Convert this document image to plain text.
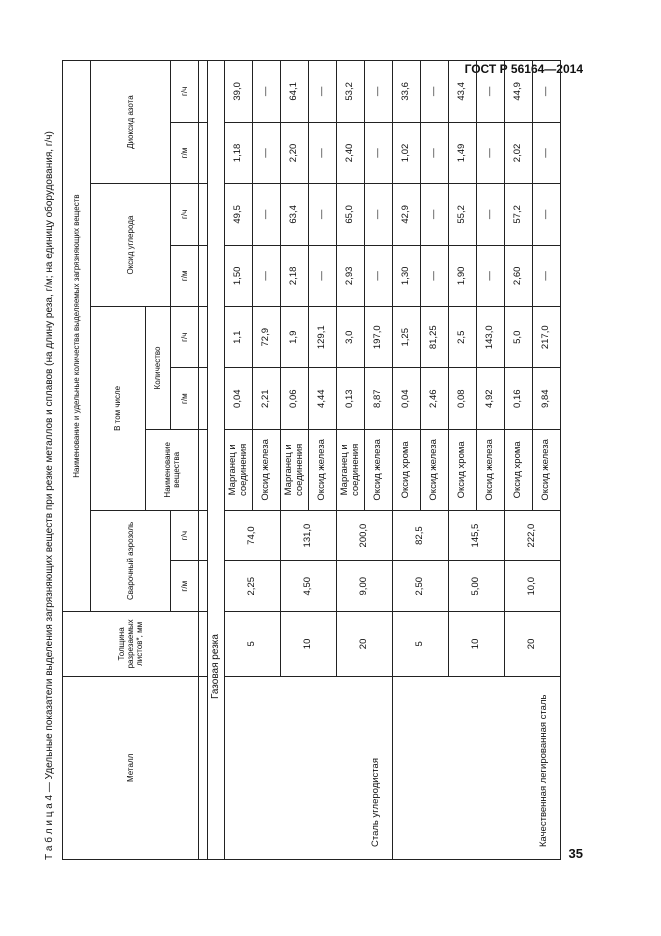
ГОСТ Р 56164—2014
Т а б л и ц а 4 — Удельные показатели выделения загрязняющих веществ при резке металлов и сплавов (на длину реза, г/м; на единицу оборудования, г/ч)	Металл	Толщина разрезаемых листов*, мм	Наименование и удельные количества выделяемых загрязняющих веществ								
		Сварочный аэрозоль		В том числе			Оксид углерода		Диоксид азота	
				Наименование вещества	Количество					
		г/м	г/ч		г/м	г/ч	г/м	г/ч	г/м	г/ч

Газовая резка										
Сталь углеродистая	5	2,25	74,0	Марганец и соединения	0,04	1,1	1,50	49,5	1,18	39,0
				Оксид железа	2,21	72,9	—	—	—	—
	10	4,50	131,0	Марганец и соединения	0,06	1,9	2,18	63,4	2,20	64,1
				Оксид железа	4,44	129,1	—	—	—	—
	20	9,00	200,0	Марганец и соединения	0,13	3,0	2,93	65,0	2,40	53,2
				Оксид железа	8,87	197,0	—	—	—	—
Качественная легированная сталь	5	2,50	82,5	Оксид хрома	0,04	1,25	1,30	42,9	1,02	33,6
				Оксид железа	2,46	81,25	—	—	—	—
	10	5,00	145,5	Оксид хрома	0,08	2,5	1,90	55,2	1,49	43,4
				Оксид железа	4,92	143,0	—	—	—	—
	20	10,0	222,0	Оксид хрома	0,16	5,0	2,60	57,2	2,02	44,9
				Оксид железа	9,84	217,0	—	—	—	—
35
